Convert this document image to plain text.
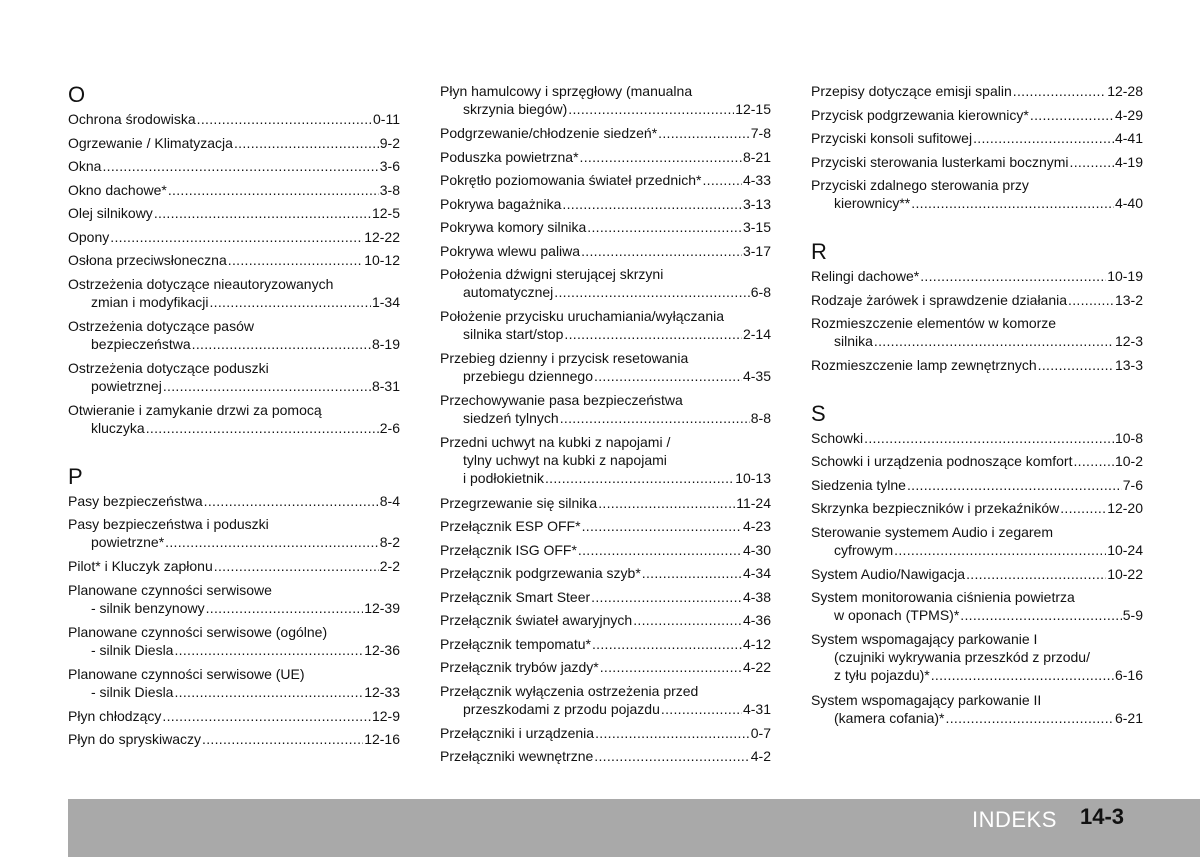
O
Ochrona środowiska .....	0-11
Ogrzewanie / Klimatyzacja .....	9-2
Okna .....	3-6
Okno dachowe* .....	3-8
Olej silnikowy .....	12-5
Opony .....	12-22
Osłona przeciwsłoneczna .....	10-12
Ostrzeżenia dotyczące nieautoryzowanych
zmian i modyfikacji .....	1-34
Ostrzeżenia dotyczące pasów
bezpieczeństwa .....	8-19
Ostrzeżenia dotyczące poduszki
powietrznej .....	8-31
Otwieranie i zamykanie drzwi za pomocą
kluczyka .....	2-6
P
Pasy bezpieczeństwa .....	8-4
Pasy bezpieczeństwa i poduszki
powietrzne* .....	8-2
Pilot* i Kluczyk zapłonu .....	2-2
Planowane czynności serwisowe
- silnik benzynowy .....	12-39
Planowane czynności serwisowe (ogólne)
- silnik Diesla .....	12-36
Planowane czynności serwisowe (UE)
- silnik Diesla .....	12-33
Płyn chłodzący .....	12-9
Płyn do spryskiwaczy .....	12-16
Płyn hamulcowy i sprzęgłowy (manualna
skrzynia biegów) .....	12-15
Podgrzewanie/chłodzenie siedzeń* .....	7-8
Poduszka powietrzna* .....	8-21
Pokrętło poziomowania świateł przednich* .....	4-33
Pokrywa bagażnika .....	3-13
Pokrywa komory silnika .....	3-15
Pokrywa wlewu paliwa .....	3-17
Położenia dźwigni sterującej skrzyni
automatycznej .....	6-8
Położenie przycisku uruchamiania/wyłączania
silnika start/stop .....	2-14
Przebieg dzienny i przycisk resetowania
przebiegu dziennego .....	4-35
Przechowywanie pasa bezpieczeństwa
siedzeń tylnych .....	8-8
Przedni uchwyt na kubki z napojami /
tylny uchwyt na kubki z napojami
i podłokietnik .....	10-13
Przegrzewanie się silnika .....	11-24
Przełącznik ESP OFF* .....	4-23
Przełącznik ISG OFF* .....	4-30
Przełącznik podgrzewania szyb* .....	4-34
Przełącznik Smart Steer .....	4-38
Przełącznik świateł awaryjnych .....	4-36
Przełącznik tempomatu* .....	4-12
Przełącznik trybów jazdy* .....	4-22
Przełącznik wyłączenia ostrzeżenia przed
przeszkodami z przodu pojazdu .....	4-31
Przełączniki i urządzenia .....	0-7
Przełączniki wewnętrzne .....	4-2
Przepisy dotyczące emisji spalin .....	12-28
Przycisk podgrzewania kierownicy* .....	4-29
Przyciski konsoli sufitowej .....	4-41
Przyciski sterowania lusterkami bocznymi .....	4-19
Przyciski zdalnego sterowania przy
kierownicy** .....	4-40
R
Relingi dachowe* .....	10-19
Rodzaje żarówek i sprawdzenie działania .....	13-2
Rozmieszczenie elementów w komorze
silnika .....	12-3
Rozmieszczenie lamp zewnętrznych .....	13-3
S
Schowki .....	10-8
Schowki i urządzenia podnoszące komfort .....	10-2
Siedzenia tylne .....	7-6
Skrzynka bezpieczników i przekaźników .....	12-20
Sterowanie systemem Audio i zegarem
cyfrowym .....	10-24
System Audio/Nawigacja .....	10-22
System monitorowania ciśnienia powietrza
w oponach (TPMS)* .....	5-9
System wspomagający parkowanie I
(czujniki wykrywania przeszkód z przodu/
z tyłu pojazdu)* .....	6-16
System wspomagający parkowanie II
(kamera cofania)* .....	6-21
INDEKS 14-3
